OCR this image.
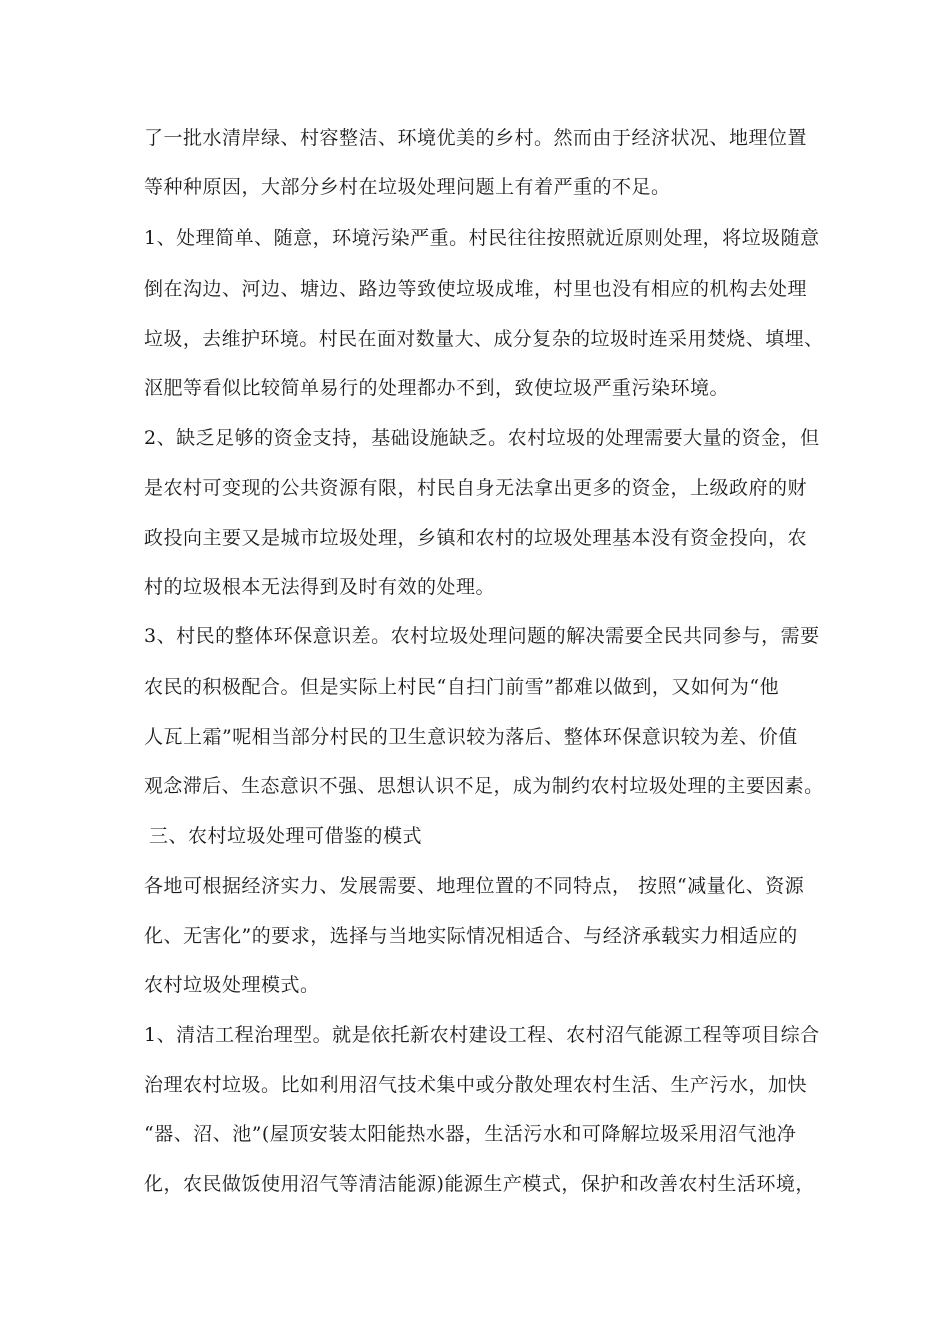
了一批水清岸绿、村容整洁、环境优美的乡村。然而由于经济状况、地理位置
等种种原因，大部分乡村在垃圾处理问题上有着严重的不足。
1、处理简单、随意，环境污染严重。村民往往按照就近原则处理，将垃圾随意
倒在沟边、河边、塘边、路边等致使垃圾成堆，村里也没有相应的机构去处理
垃圾，去维护环境。村民在面对数量大、成分复杂的垃圾时连采用焚烧、填埋、
沤肥等看似比较简单易行的处理都办不到，致使垃圾严重污染环境。
2、缺乏足够的资金支持，基础设施缺乏。农村垃圾的处理需要大量的资金，但
是农村可变现的公共资源有限，村民自身无法拿出更多的资金，上级政府的财
政投向主要又是城市垃圾处理，乡镇和农村的垃圾处理基本没有资金投向，农
村的垃圾根本无法得到及时有效的处理。
3、村民的整体环保意识差。农村垃圾处理问题的解决需要全民共同参与，需要
农民的积极配合。但是实际上村民“自扫门前雪”都难以做到，又如何为“他
人瓦上霜”呢相当部分村民的卫生意识较为落后、整体环保意识较为差、价值
观念滞后、生态意识不强、思想认识不足，成为制约农村垃圾处理的主要因素。
三、农村垃圾处理可借鉴的模式
各地可根据经济实力、发展需要、地理位置的不同特点， 按照“减量化、资源
化、无害化”的要求，选择与当地实际情况相适合、与经济承载实力相适应的
农村垃圾处理模式。
1、清洁工程治理型。就是依托新农村建设工程、农村沼气能源工程等项目综合
治理农村垃圾。比如利用沼气技术集中或分散处理农村生活、生产污水，加快
“器、沼、池”(屋顶安装太阳能热水器，生活污水和可降解垃圾采用沼气池净
化，农民做饭使用沼气等清洁能源)能源生产模式，保护和改善农村生活环境，
